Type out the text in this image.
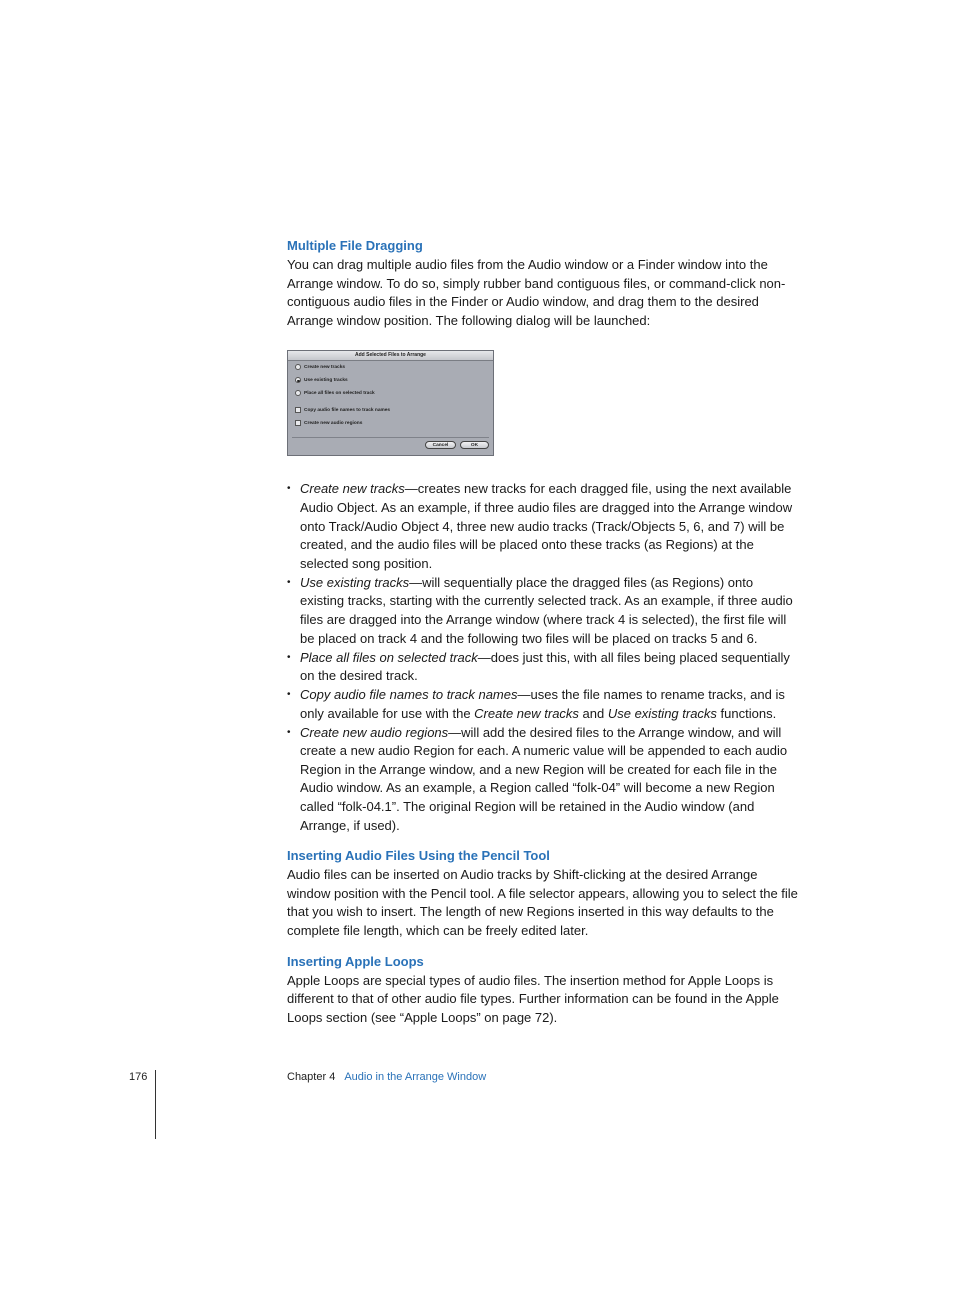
Multiple File Dragging

You can drag multiple audio files from the Audio window or a Finder window into the Arrange window. To do so, simply rubber band contiguous files, or command-click non-contiguous audio files in the Finder or Audio window, and drag them to the desired Arrange window position. The following dialog will be launched:

Add Selected Files to Arrange
Create new tracks
Use existing tracks
Place all files on selected track
Copy audio file names to track names
Create new audio regions
Cancel	OK
• Create new tracks—creates new tracks for each dragged file, using the next available Audio Object. As an example, if three audio files are dragged into the Arrange window onto Track/Audio Object 4, three new audio tracks (Track/Objects 5, 6, and 7) will be created, and the audio files will be placed onto these tracks (as Regions) at the selected song position.
• Use existing tracks—will sequentially place the dragged files (as Regions) onto existing tracks, starting with the currently selected track. As an example, if three audio files are dragged into the Arrange window (where track 4 is selected), the first file will be placed on track 4 and the following two files will be placed on tracks 5 and 6.
• Place all files on selected track—does just this, with all files being placed sequentially on the desired track.
• Copy audio file names to track names—uses the file names to rename tracks, and is only available for use with the Create new tracks and Use existing tracks functions.
• Create new audio regions—will add the desired files to the Arrange window, and will create a new audio Region for each. A numeric value will be appended to each audio Region in the Arrange window, and a new Region will be created for each file in the Audio window. As an example, a Region called “folk-04” will become a new Region called “folk-04.1”. The original Region will be retained in the Audio window (and Arrange, if used).
Inserting Audio Files Using the Pencil Tool

Audio files can be inserted on Audio tracks by Shift-clicking at the desired Arrange window position with the Pencil tool. A file selector appears, allowing you to select the file that you wish to insert. The length of new Regions inserted in this way defaults to the complete file length, which can be freely edited later.

Inserting Apple Loops

Apple Loops are special types of audio files. The insertion method for Apple Loops is different to that of other audio file types. Further information can be found in the Apple Loops section (see “Apple Loops” on page 72).

176	Chapter 4 Audio in the Arrange Window
